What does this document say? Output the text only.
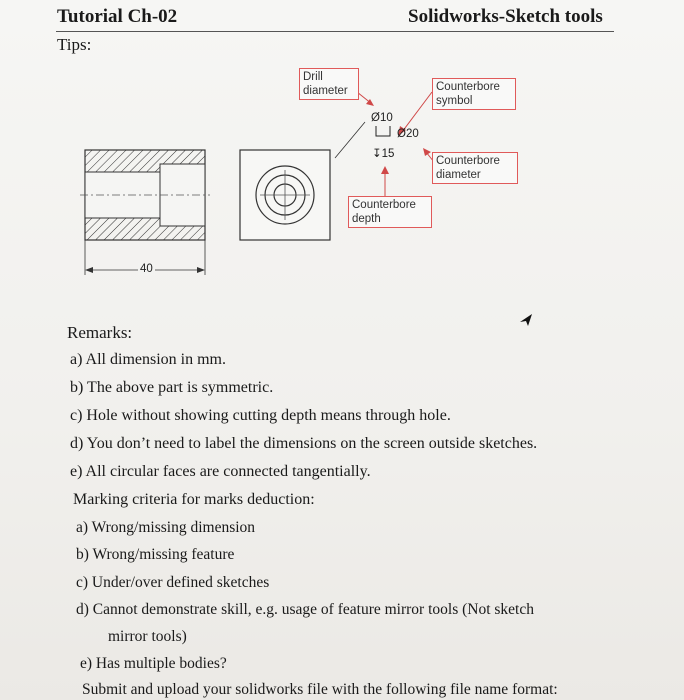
Tutorial Ch-02	Solidworks-Sketch tools
Tips:
40
Drill diameter	Counterbore symbol
Counterbore diameter
Counterbore depth
Ø10
Ø20
↧15
Remarks:
a) All dimension in mm.
b) The above part is symmetric.
c) Hole without showing cutting depth means through hole.
d) You don’t need to label the dimensions on the screen outside sketches.
e) All circular faces are connected tangentially.
Marking criteria for marks deduction:
a) Wrong/missing dimension
b) Wrong/missing feature
c) Under/over defined sketches
d) Cannot demonstrate skill, e.g. usage of feature mirror tools (Not sketch
mirror tools)
e) Has multiple bodies?
Submit and upload your solidworks file with the following file name format:
